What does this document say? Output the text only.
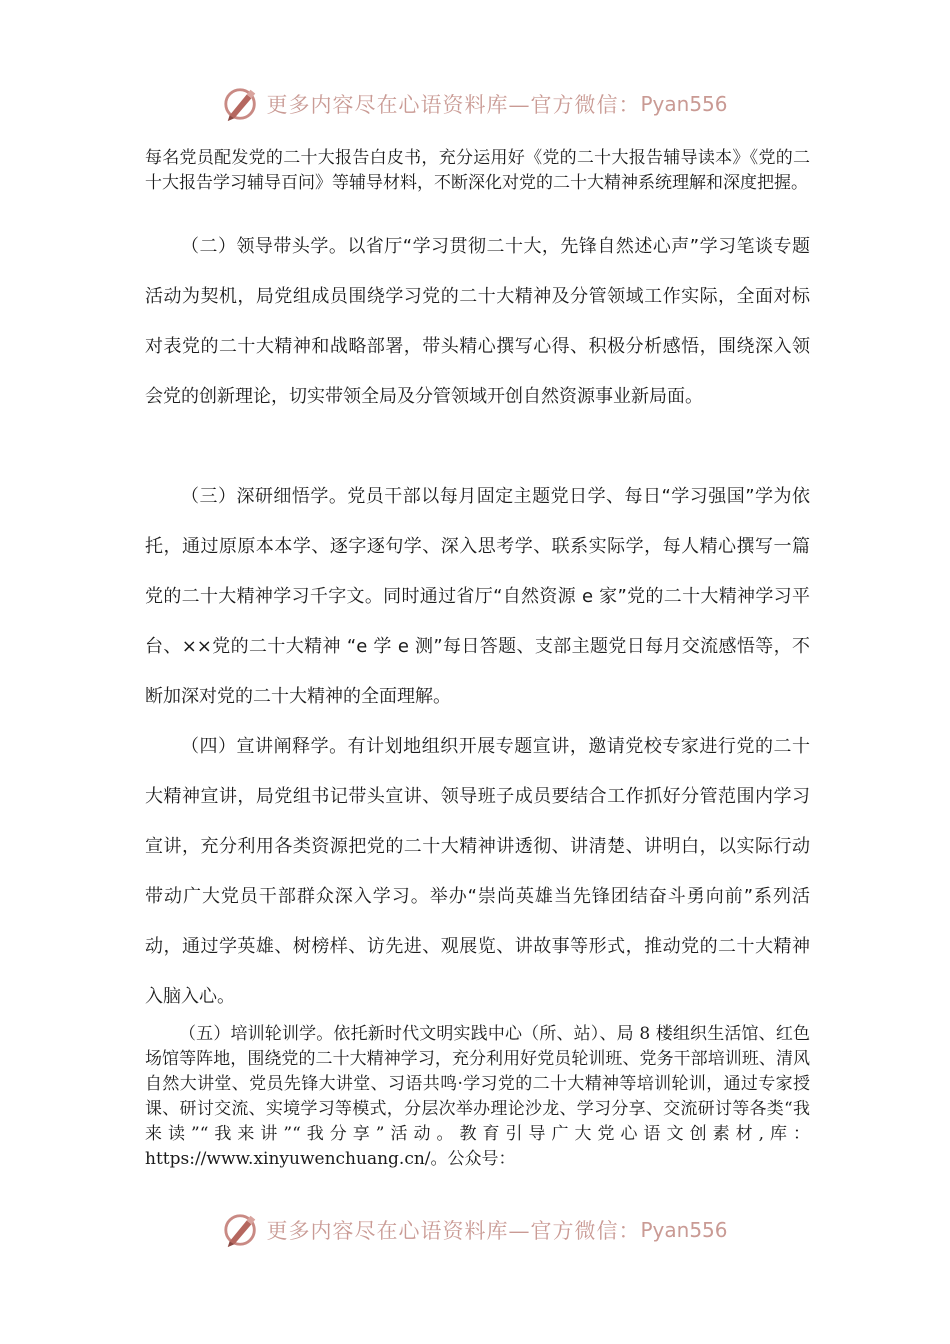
更多内容尽在心语资料库—官方微信： Pyan556

每名党员配发党的二十大报告白皮书，充分运用好《党的二十大报告辅导读本》《党的二十大报告学习辅导百问》等辅导材料，不断深化对党的二十大精神系统理解和深度把握。

（二）领导带头学。以省厅“学习贯彻二十大，先锋自然述心声”学习笔谈专题活动为契机，局党组成员围绕学习党的二十大精神及分管领域工作实际，全面对标对表党的二十大精神和战略部署，带头精心撰写心得、积极分析感悟，围绕深入领会党的创新理论，切实带领全局及分管领域开创自然资源事业新局面。

（三）深研细悟学。党员干部以每月固定主题党日学、每日“学习强国”学为依托，通过原原本本学、逐字逐句学、深入思考学、联系实际学，每人精心撰写一篇党的二十大精神学习千字文。同时通过省厅“自然资源 e 家”党的二十大精神学习平台、××党的二十大精神 “e 学 e 测”每日答题、支部主题党日每月交流感悟等，不断加深对党的二十大精神的全面理解。

（四）宣讲阐释学。有计划地组织开展专题宣讲，邀请党校专家进行党的二十大精神宣讲，局党组书记带头宣讲、领导班子成员要结合工作抓好分管范围内学习宣讲，充分利用各类资源把党的二十大精神讲透彻、讲清楚、讲明白，以实际行动带动广大党员干部群众深入学习。举办“崇尚英雄当先锋团结奋斗勇向前”系列活动，通过学英雄、树榜样、访先进、观展览、讲故事等形式，推动党的二十大精神入脑入心。

（五）培训轮训学。依托新时代文明实践中心（所、站）、局 8 楼组织生活馆、红色场馆等阵地，围绕党的二十大精神学习，充分利用好党员轮训班、党务干部培训班、清风自然大讲堂、党员先锋大讲堂、习语共鸣·学习党的二十大精神等培训轮训，通过专家授课、研讨交流、实境学习等模式，分层次举办理论沙龙、学习分享、交流研讨等各类“我来读”“我来讲”“我分享”活动。教育引导广大党心语文创素材,库：https://www.xinyuwenchuang.cn/。公众号：

更多内容尽在心语资料库—官方微信： Pyan556
